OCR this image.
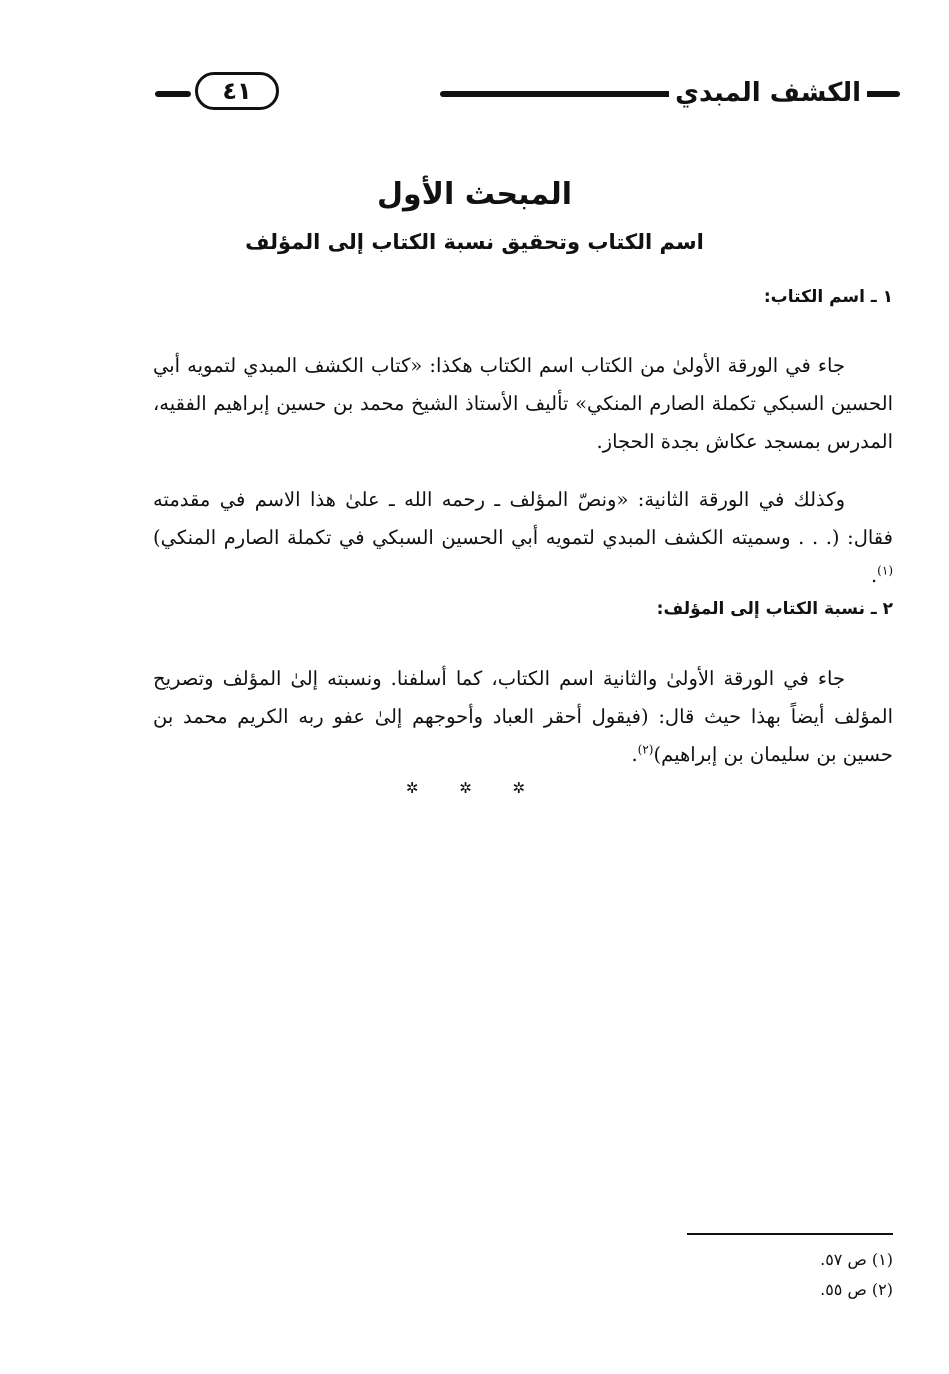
الكشف المبدي
٤١
المبحث الأول
اسم الكتاب وتحقيق نسبة الكتاب إلى المؤلف
١ ـ اسم الكتاب:

جاء في الورقة الأولىٰ من الكتاب اسم الكتاب هكذا: «كتاب الكشف المبدي لتمويه أبي الحسين السبكي تكملة الصارم المنكي» تأليف الأستاذ الشيخ محمد بن حسين إبراهيم الفقيه، المدرس بمسجد عكاش بجدة الحجاز.

وكذلك في الورقة الثانية: «ونصّ المؤلف ـ رحمه الله ـ علىٰ هذا الاسم في مقدمته فقال: (. . . وسميته الكشف المبدي لتمويه أبي الحسين السبكي في تكملة الصارم المنكي)$^{(١)}$.

٢ ـ نسبة الكتاب إلى المؤلف:

جاء في الورقة الأولىٰ والثانية اسم الكتاب، كما أسلفنا. ونسبته إلىٰ المؤلف وتصريح المؤلف أيضاً بهذا حيث قال: (فيقول أحقر العباد وأحوجهم إلىٰ عفو ربه الكريم محمد بن حسين بن سليمان بن إبراهيم)$^{(٢)}$.

✲ ✲ ✲
(١) ص ٥٧.
(٢) ص ٥٥.
